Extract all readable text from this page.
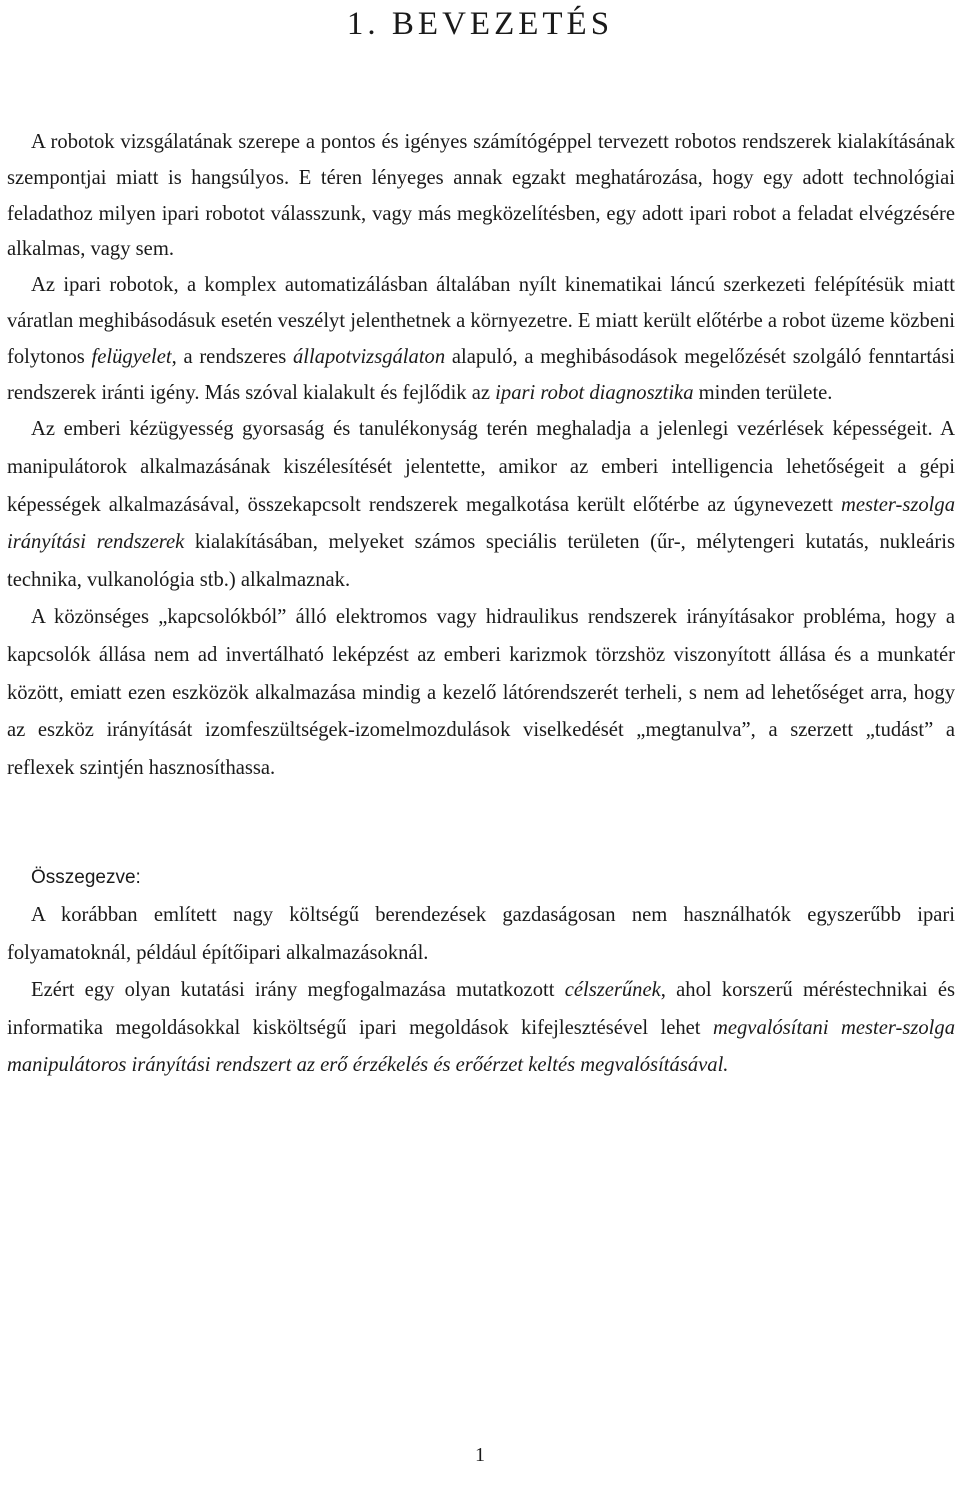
1. BEVEZETÉS

A robotok vizsgálatának szerepe a pontos és igényes számítógéppel tervezett robotos rendszerek kialakításának szempontjai miatt is hangsúlyos. E téren lényeges annak egzakt meghatározása, hogy egy adott technológiai feladathoz milyen ipari robotot válasszunk, vagy más megközelítésben, egy adott ipari robot a feladat elvégzésére alkalmas, vagy sem.

Az ipari robotok, a komplex automatizálásban általában nyílt kinematikai láncú szerkezeti felépítésük miatt váratlan meghibásodásuk esetén veszélyt jelenthetnek a környezetre. E miatt került előtérbe a robot üzeme közbeni folytonos felügyelet, a rendszeres állapotvizsgálaton alapuló, a meghibásodások megelőzését szolgáló fenntartási rendszerek iránti igény. Más szóval kialakult és fejlődik az ipari robot diagnosztika minden területe.

Az emberi kézügyesség gyorsaság és tanulékonyság terén meghaladja a jelenlegi vezérlések képességeit. A manipulátorok alkalmazásának kiszélesítését jelentette, amikor az emberi intelligencia lehetőségeit a gépi képességek alkalmazásával, összekapcsolt rendszerek megalkotása került előtérbe az úgynevezett mester-szolga irányítási rendszerek kialakításában, melyeket számos speciális területen (űr-, mélytengeri kutatás, nukleáris technika, vulkanológia stb.) alkalmaznak.

A közönséges „kapcsolókból” álló elektromos vagy hidraulikus rendszerek irányításakor probléma, hogy a kapcsolók állása nem ad invertálható leképzést az emberi karizmok törzshöz viszonyított állása és a munkatér között, emiatt ezen eszközök alkalmazása mindig a kezelő látórendszerét terheli, s nem ad lehetőséget arra, hogy az eszköz irányítását izomfeszültségek-izomelmozdulások viselkedését „megtanulva”, a szerzett „tudást” a reflexek szintjén hasznosíthassa.

Összegezve:

A korábban említett nagy költségű berendezések gazdaságosan nem használhatók egyszerűbb ipari folyamatoknál, például építőipari alkalmazásoknál.

Ezért egy olyan kutatási irány megfogalmazása mutatkozott célszerűnek, ahol korszerű méréstechnikai és informatika megoldásokkal kisköltségű ipari megoldások kifejlesztésével lehet megvalósítani mester-szolga manipulátoros irányítási rendszert az erő érzékelés és erőérzet keltés megvalósításával.

1
